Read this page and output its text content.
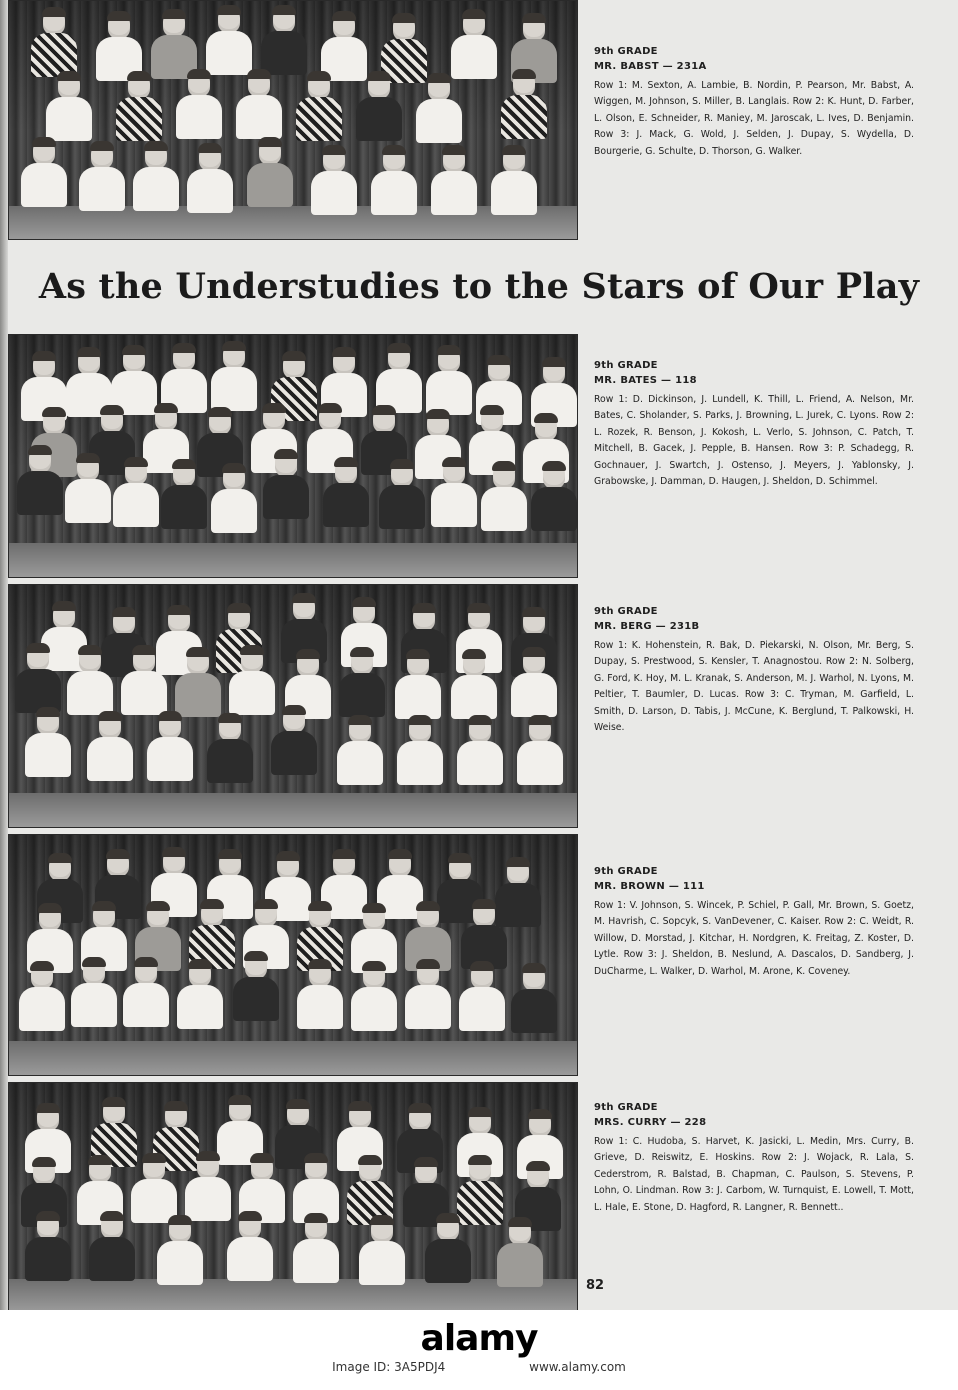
9th GRADE
MR. BABST — 231A
Row 1: M. Sexton, A. Lambie, B. Nordin, P. Pearson, Mr. Babst, A. Wiggen, M. Johnson, S. Miller, B. Langlais. Row 2: K. Hunt, D. Farber, L. Olson, E. Schneider, R. Maniey, M. Jaroscak, L. Ives, D. Benjamin. Row 3: J. Mack, G. Wold, J. Selden, J. Dupay, S. Wydella, D. Bourgerie, G. Schulte, D. Thorson, G. Walker.
As the Understudies to the Stars of Our Play
9th GRADE
MR. BATES — 118
Row 1: D. Dickinson, J. Lundell, K. Thill, L. Friend, A. Nelson, Mr. Bates, C. Sholander, S. Parks, J. Browning, L. Jurek, C. Lyons. Row 2: L. Rozek, R. Benson, J. Kokosh, L. Verlo, S. Johnson, C. Patch, T. Mitchell, B. Gacek, J. Pepple, B. Hansen. Row 3: P. Schadegg, R. Gochnauer, J. Swartch, J. Ostenso, J. Meyers, J. Yablonsky, J. Grabowske, J. Damman, D. Haugen, J. Sheldon, D. Schimmel.
9th GRADE
MR. BERG — 231B
Row 1: K. Hohenstein, R. Bak, D. Piekarski, N. Olson, Mr. Berg, S. Dupay, S. Prestwood, S. Kensler, T. Anagnostou. Row 2: N. Solberg, G. Ford, K. Hoy, M. L. Kranak, S. Anderson, M. J. Warhol, N. Lyons, M. Peltier, T. Baumler, D. Lucas. Row 3: C. Tryman, M. Garfield, L. Smith, D. Larson, D. Tabis, J. McCune, K. Berglund, T. Palkowski, H. Weise.
9th GRADE
MR. BROWN — 111
Row 1: V. Johnson, S. Wincek, P. Schiel, P. Gall, Mr. Brown, S. Goetz, M. Havrish, C. Sopcyk, S. VanDevener, C. Kaiser. Row 2: C. Weidt, R. Willow, D. Morstad, J. Kitchar, H. Nordgren, K. Freitag, Z. Koster, D. Lytle. Row 3: J. Sheldon, B. Neslund, A. Dascalos, D. Sandberg, J. DuCharme, L. Walker, D. Warhol, M. Arone, K. Coveney.
9th GRADE
MRS. CURRY — 228
Row 1: C. Hudoba, S. Harvet, K. Jasicki, L. Medin, Mrs. Curry, B. Grieve, D. Reiswitz, E. Hoskins. Row 2: J. Wojack, R. Lala, S. Cederstrom, R. Balstad, B. Chapman, C. Paulson, S. Stevens, P. Lohn, O. Lindman. Row 3: J. Carbom, W. Turnquist, E. Lowell, T. Mott, L. Hale, E. Stone, D. Hagford, R. Langner, R. Bennett..
82
alamy
Image ID: 3A5PDJ4	www.alamy.com
